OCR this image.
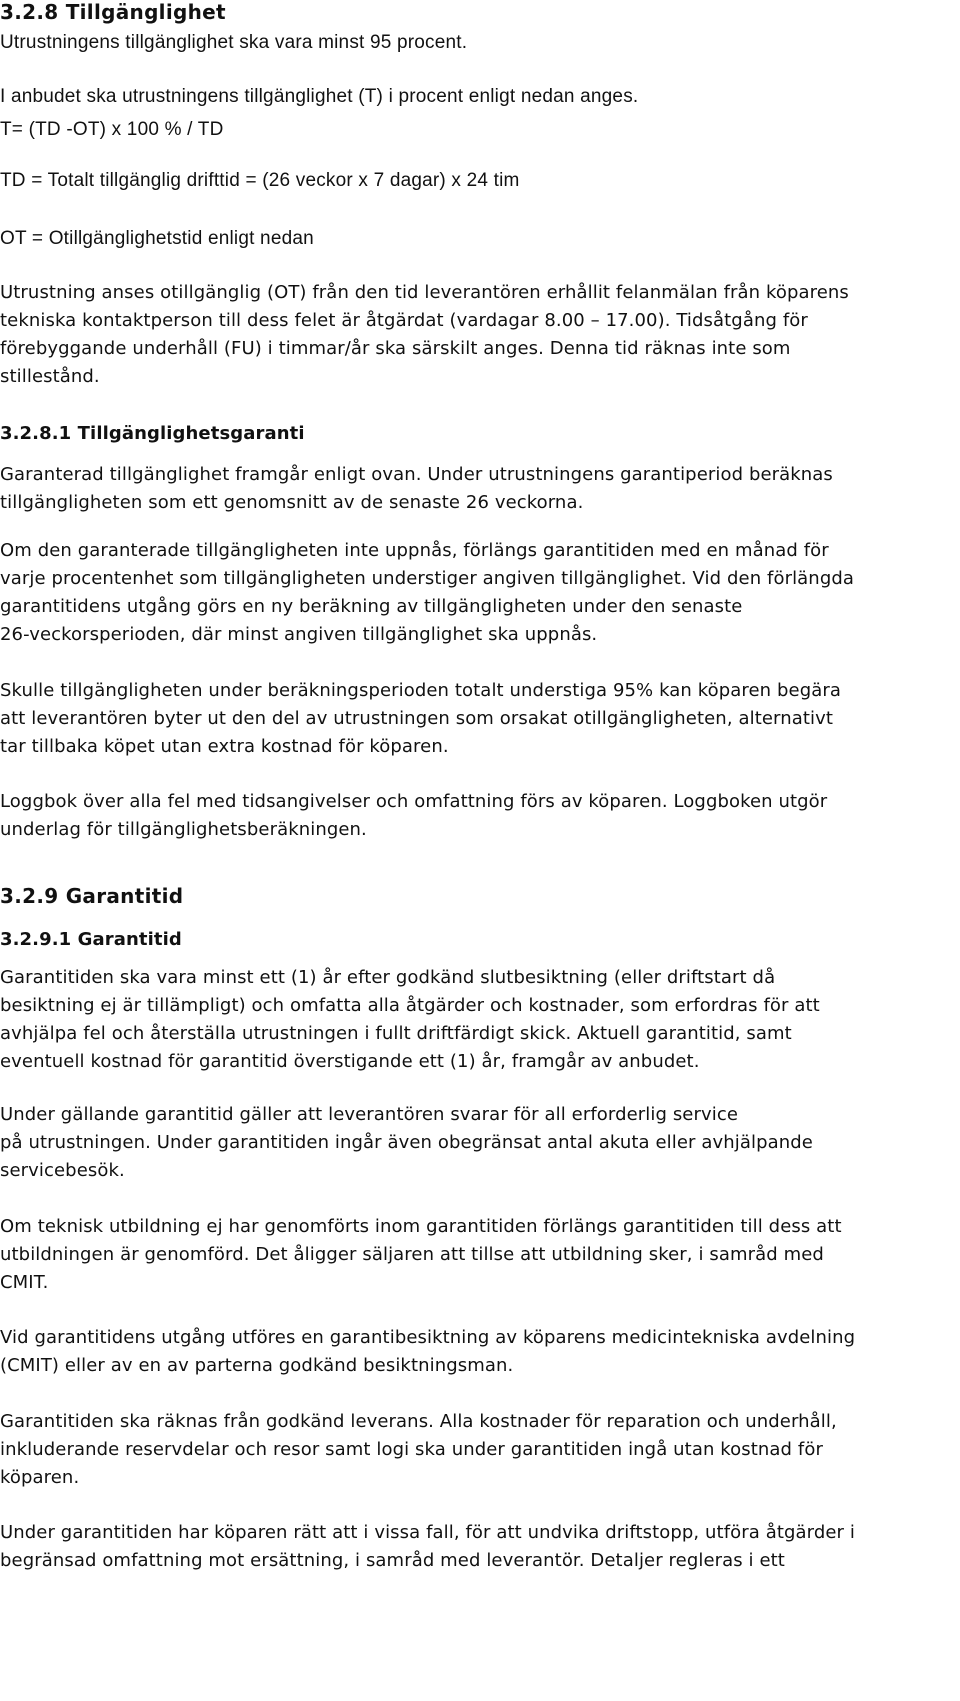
3.2.8 Tillgänglighet
Utrustningens tillgänglighet ska vara minst 95 procent.
I anbudet ska utrustningens tillgänglighet (T) i procent enligt nedan anges.
T= (TD -OT) x 100 % / TD
TD = Totalt tillgänglig drifttid = (26 veckor x 7 dagar) x 24 tim
OT = Otillgänglighetstid enligt nedan
Utrustning anses otillgänglig (OT) från den tid leverantören erhållit felanmälan från köparens
tekniska kontaktperson till dess felet är åtgärdat (vardagar 8.00 – 17.00). Tidsåtgång för
förebyggande underhåll (FU) i timmar/år ska särskilt anges. Denna tid räknas inte som
stillestånd.
3.2.8.1 Tillgänglighetsgaranti
Garanterad tillgänglighet framgår enligt ovan. Under utrustningens garantiperiod beräknas
tillgängligheten som ett genomsnitt av de senaste 26 veckorna.
Om den garanterade tillgängligheten inte uppnås, förlängs garantitiden med en månad för
varje procentenhet som tillgängligheten understiger angiven tillgänglighet. Vid den förlängda
garantitidens utgång görs en ny beräkning av tillgängligheten under den senaste
26-veckorsperioden, där minst angiven tillgänglighet ska uppnås.
Skulle tillgängligheten under beräkningsperioden totalt understiga 95% kan köparen begära
att leverantören byter ut den del av utrustningen som orsakat otillgängligheten, alternativt
tar tillbaka köpet utan extra kostnad för köparen.
Loggbok över alla fel med tidsangivelser och omfattning förs av köparen. Loggboken utgör
underlag för tillgänglighetsberäkningen.
3.2.9 Garantitid
3.2.9.1 Garantitid
Garantitiden ska vara minst ett (1) år efter godkänd slutbesiktning (eller driftstart då
besiktning ej är tillämpligt) och omfatta alla åtgärder och kostnader, som erfordras för att
avhjälpa fel och återställa utrustningen i fullt driftfärdigt skick. Aktuell garantitid, samt
eventuell kostnad för garantitid överstigande ett (1) år, framgår av anbudet.
Under gällande garantitid gäller att leverantören svarar för all erforderlig service
på utrustningen. Under garantitiden ingår även obegränsat antal akuta eller avhjälpande
servicebesök.
Om teknisk utbildning ej har genomförts inom garantitiden förlängs garantitiden till dess att
utbildningen är genomförd. Det åligger säljaren att tillse att utbildning sker, i samråd med
CMIT.
Vid garantitidens utgång utföres en garantibesiktning av köparens medicintekniska avdelning
(CMIT) eller av en av parterna godkänd besiktningsman.
Garantitiden ska räknas från godkänd leverans. Alla kostnader för reparation och underhåll,
inkluderande reservdelar och resor samt logi ska under garantitiden ingå utan kostnad för
köparen.
Under garantitiden har köparen rätt att i vissa fall, för att undvika driftstopp, utföra åtgärder i
begränsad omfattning mot ersättning, i samråd med leverantör. Detaljer regleras i ett
